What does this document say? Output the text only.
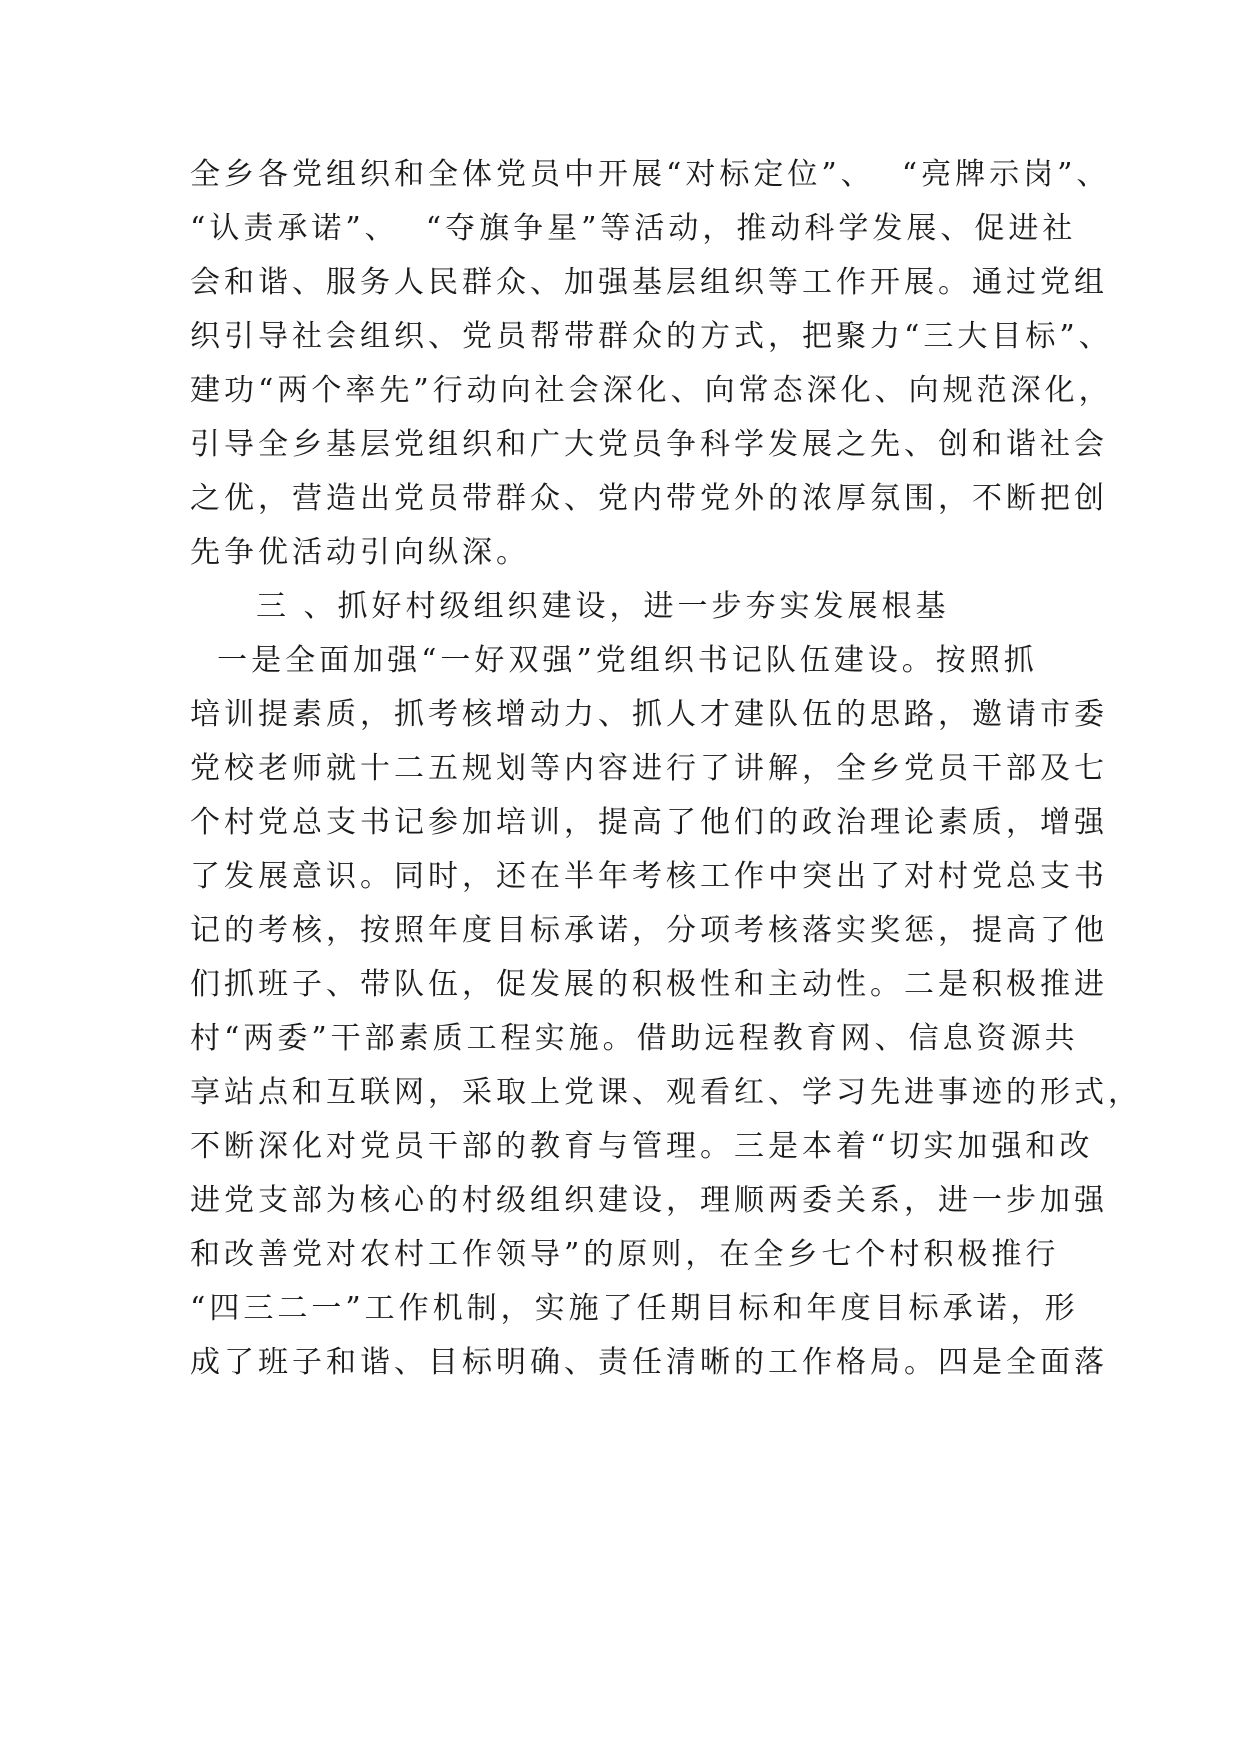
全乡各党组织和全体党员中开展“对标定位”、  “亮牌示岗”、
“认责承诺”、  “夺旗争星”等活动，推动科学发展、促进社
会和谐、服务人民群众、加强基层组织等工作开展。通过党组
织引导社会组织、党员帮带群众的方式，把聚力“三大目标”、
建功“两个率先”行动向社会深化、向常态深化、向规范深化，
引导全乡基层党组织和广大党员争科学发展之先、创和谐社会
之优，营造出党员带群众、党内带党外的浓厚氛围，不断把创
先争优活动引向纵深。
三 、抓好村级组织建设，进一步夯实发展根基
一是全面加强“一好双强”党组织书记队伍建设。按照抓
培训提素质，抓考核增动力、抓人才建队伍的思路，邀请市委
党校老师就十二五规划等内容进行了讲解，全乡党员干部及七
个村党总支书记参加培训，提高了他们的政治理论素质，增强
了发展意识。同时，还在半年考核工作中突出了对村党总支书
记的考核，按照年度目标承诺，分项考核落实奖惩，提高了他
们抓班子、带队伍，促发展的积极性和主动性。二是积极推进
村“两委”干部素质工程实施。借助远程教育网、信息资源共
享站点和互联网，采取上党课、观看红、学习先进事迹的形式，
不断深化对党员干部的教育与管理。三是本着“切实加强和改
进党支部为核心的村级组织建设，理顺两委关系，进一步加强
和改善党对农村工作领导”的原则，在全乡七个村积极推行
“四三二一”工作机制，实施了任期目标和年度目标承诺，形
成了班子和谐、目标明确、责任清晰的工作格局。四是全面落
